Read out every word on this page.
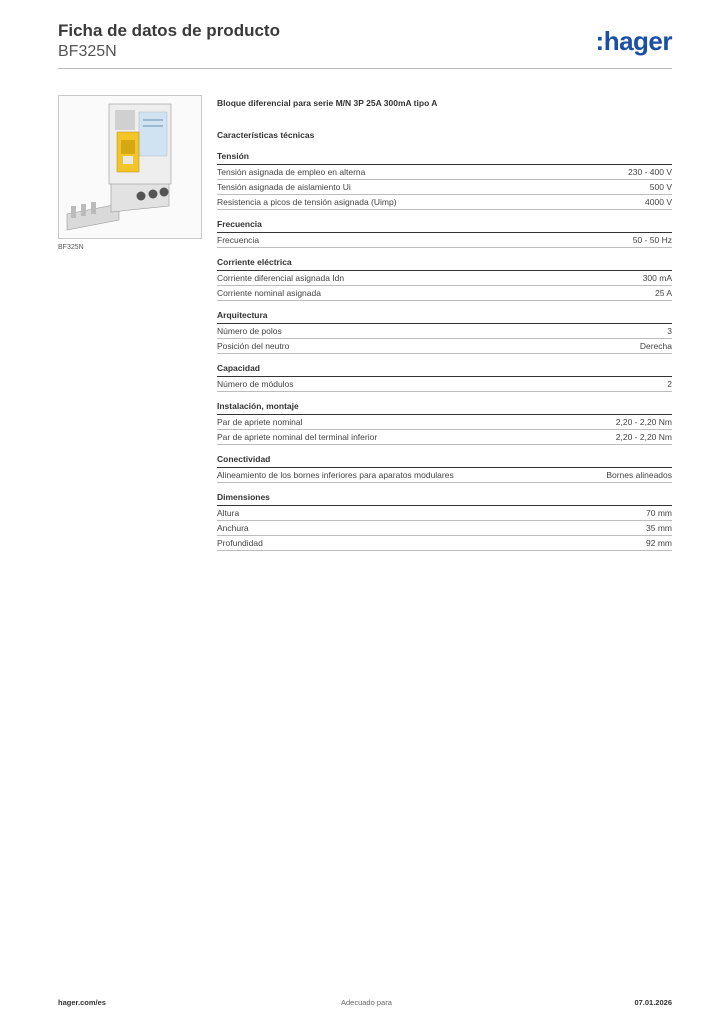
Ficha de datos de producto
BF325N	:hager
BF325N
Bloque diferencial para serie M/N 3P 25A 300mA tipo A
Características técnicas
Tensión
Tensión asignada de empleo en alterna	230 - 400 V
Tensión asignada de aislamiento Ui	500 V
Resistencia a picos de tensión asignada (Uimp)	4000 V
Frecuencia
Frecuencia	50 - 50 Hz
Corriente eléctrica
Corriente diferencial asignada Idn	300 mA
Corriente nominal asignada	25 A
Arquitectura
Número de polos	3
Posición del neutro	Derecha
Capacidad
Número de módulos	2
Instalación, montaje
Par de apriete nominal	2,20 - 2,20 Nm
Par de apriete nominal del terminal inferior	2,20 - 2,20 Nm
Conectividad
Alineamiento de los bornes inferiores para aparatos modulares	Bornes alineados
Dimensiones
Altura	70 mm
Anchura	35 mm
Profundidad	92 mm
hager.com/es	Adecuado para	07.01.2026
